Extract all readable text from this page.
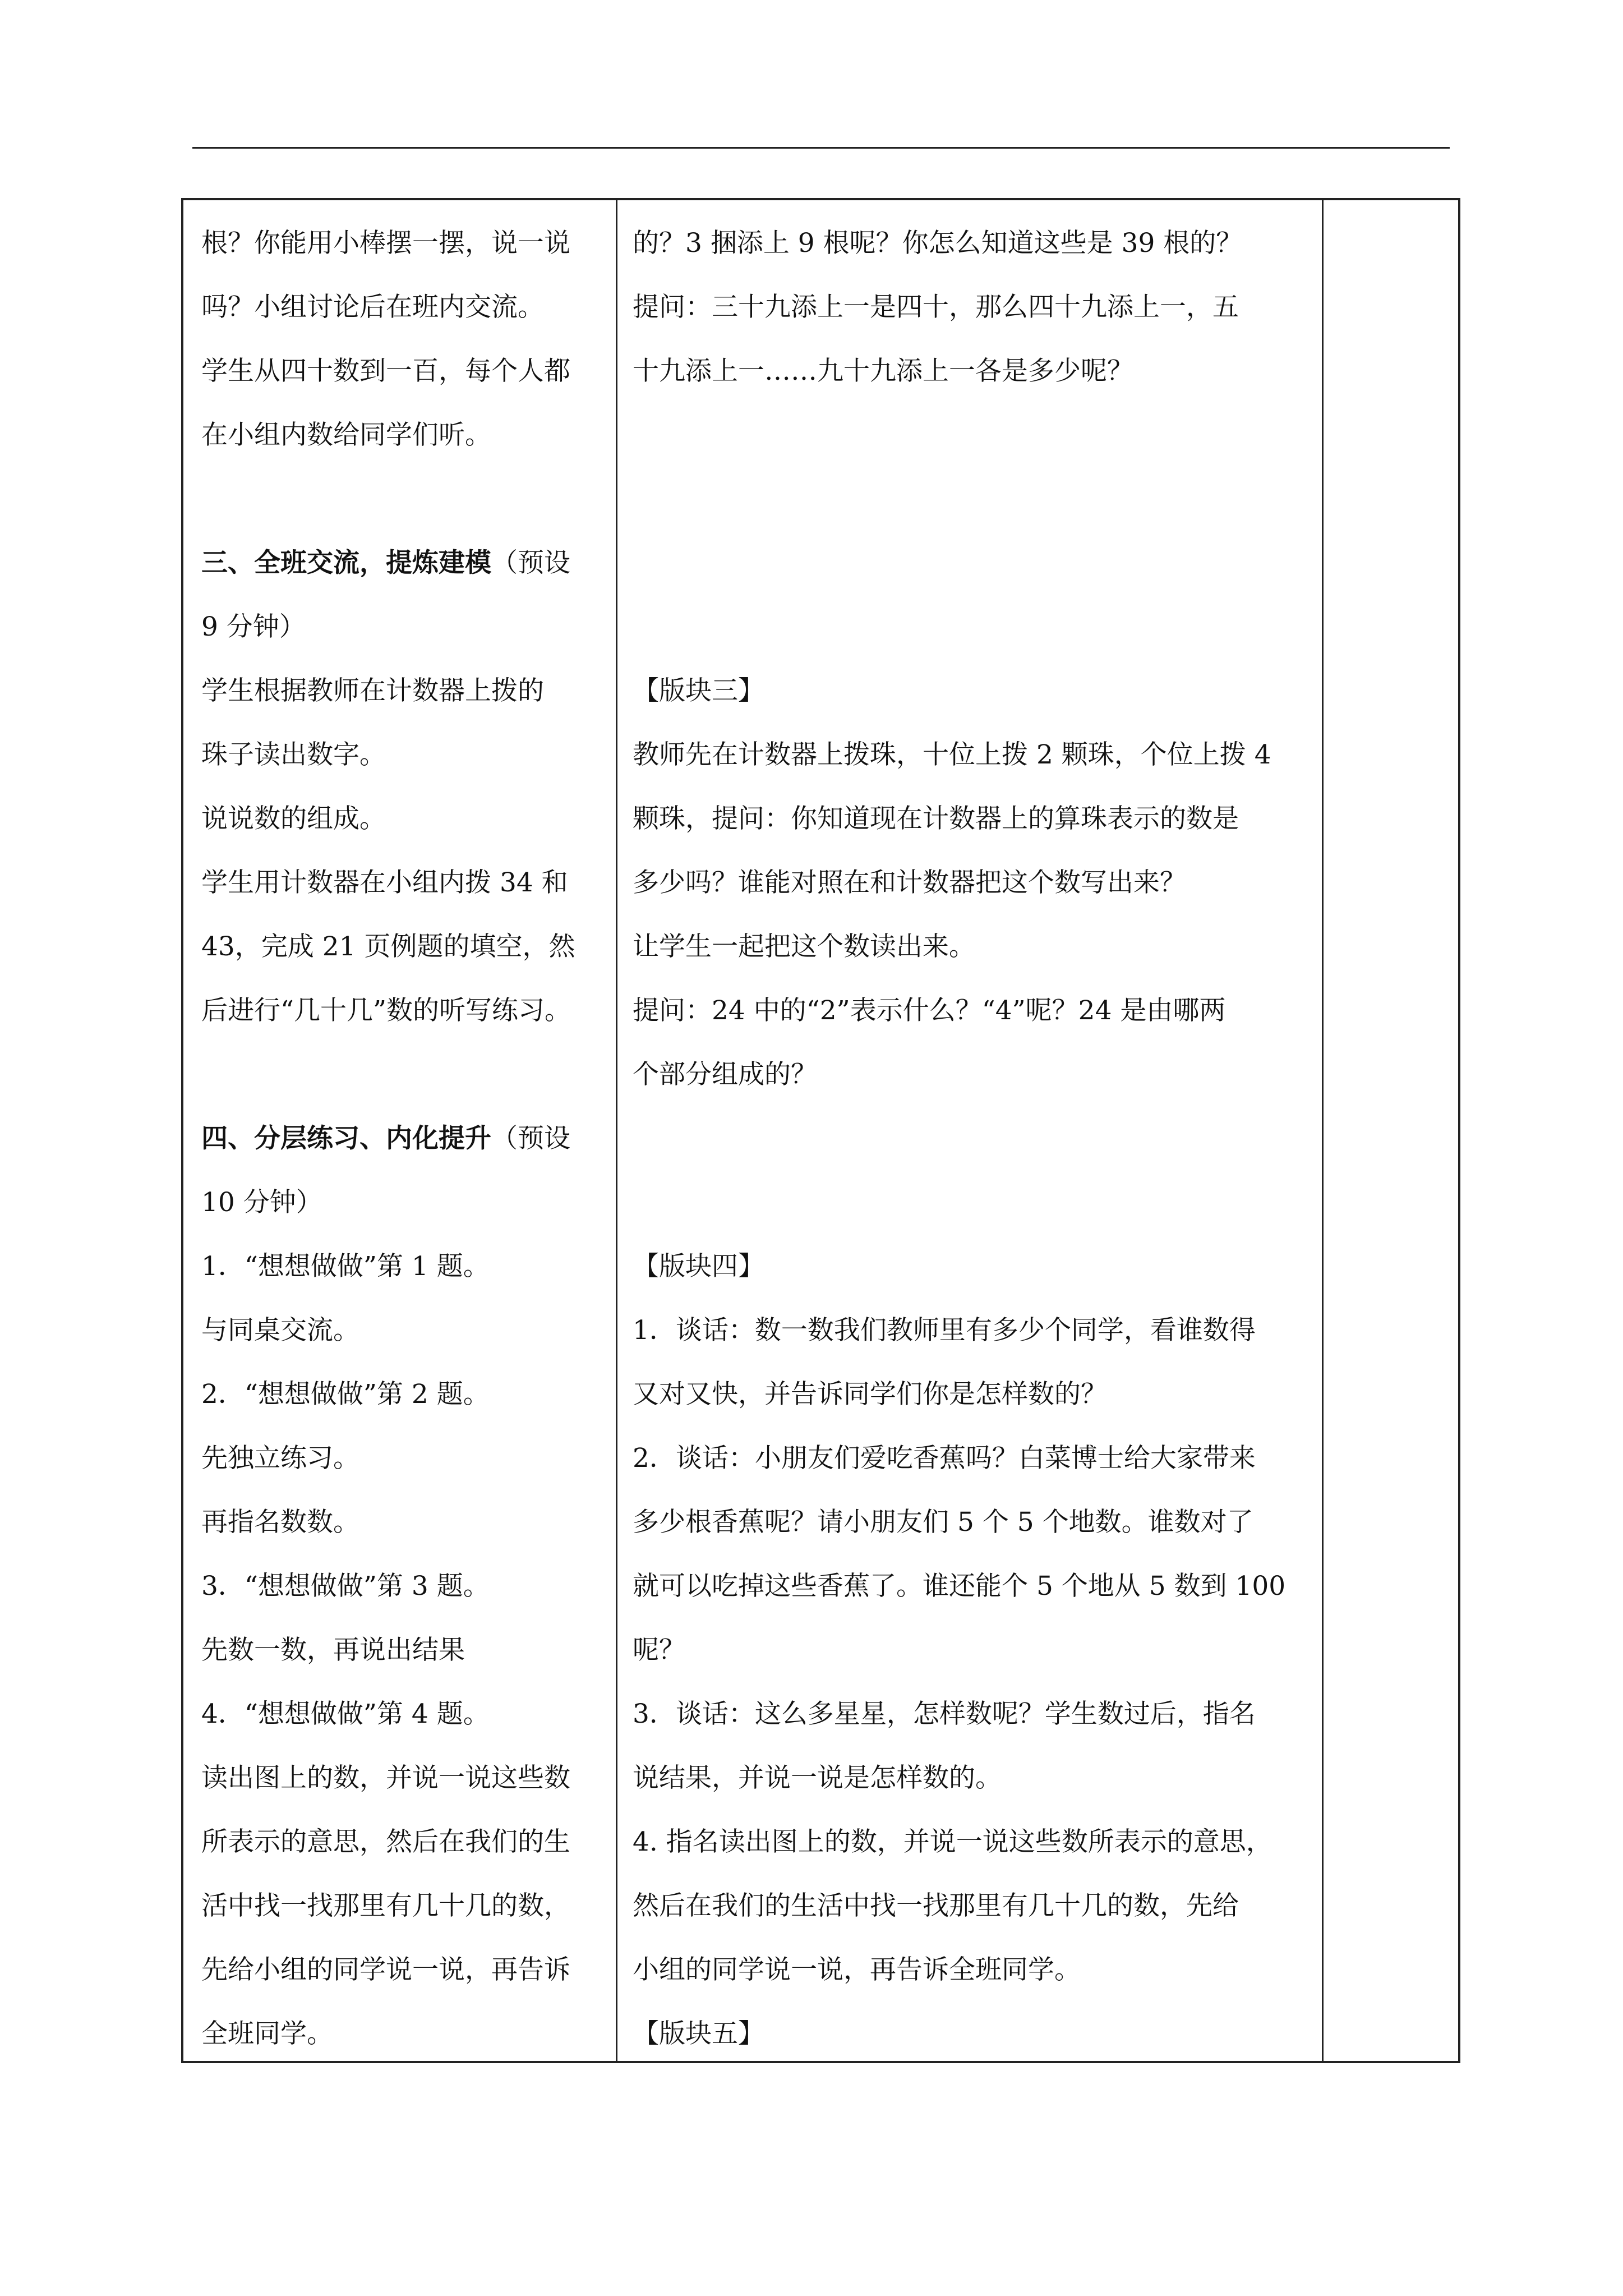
根？你能用小棒摆一摆，说一说
吗？小组讨论后在班内交流。
学生从四十数到一百，每个人都
在小组内数给同学们听。
三、全班交流，提炼建模（预设
9 分钟）
学生根据教师在计数器上拨的
珠子读出数字。
说说数的组成。
学生用计数器在小组内拨 34 和
43，完成 21 页例题的填空，然
后进行“几十几”数的听写练习。
四、分层练习、内化提升（预设
10 分钟）
1．“想想做做”第 1 题。
与同桌交流。
2．“想想做做”第 2 题。
先独立练习。
再指名数数。
3．“想想做做”第 3 题。
先数一数，再说出结果
4．“想想做做”第 4 题。
读出图上的数，并说一说这些数
所表示的意思，然后在我们的生
活中找一找那里有几十几的数，
先给小组的同学说一说，再告诉
全班同学。
的？3 捆添上 9 根呢？你怎么知道这些是 39 根的？
提问：三十九添上一是四十，那么四十九添上一，五
十九添上一……九十九添上一各是多少呢？
【版块三】
教师先在计数器上拨珠，十位上拨 2 颗珠，个位上拨 4
颗珠，提问：你知道现在计数器上的算珠表示的数是
多少吗？谁能对照在和计数器把这个数写出来？
让学生一起把这个数读出来。
提问：24 中的“2”表示什么？“4”呢？24 是由哪两
个部分组成的？
【版块四】
1．谈话：数一数我们教师里有多少个同学，看谁数得
又对又快，并告诉同学们你是怎样数的？
2．谈话：小朋友们爱吃香蕉吗？白菜博士给大家带来
多少根香蕉呢？请小朋友们 5 个 5 个地数。谁数对了
就可以吃掉这些香蕉了。谁还能个 5 个地从 5 数到 100
呢？
3．谈话：这么多星星，怎样数呢？学生数过后，指名
说结果，并说一说是怎样数的。
4. 指名读出图上的数，并说一说这些数所表示的意思，
然后在我们的生活中找一找那里有几十几的数，先给
小组的同学说一说，再告诉全班同学。
【版块五】
